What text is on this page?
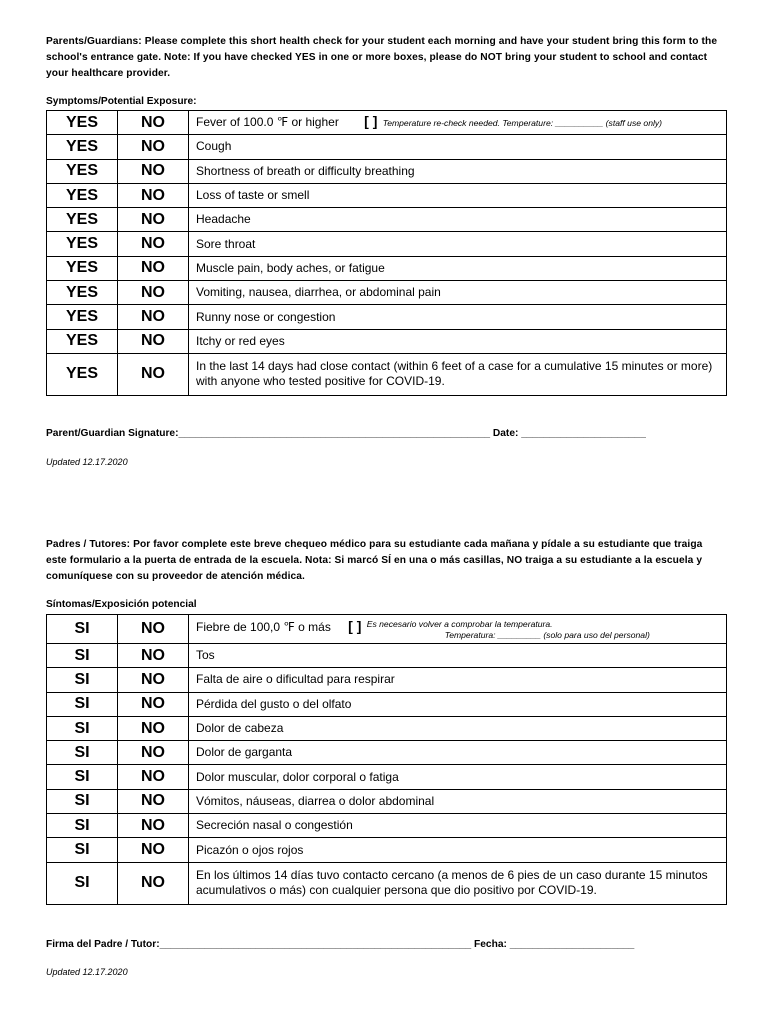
Parents/Guardians: Please complete this short health check for your student each morning and have your student bring this form to the school's entrance gate. Note: If you have checked YES in one or more boxes, please do NOT bring your student to school and contact your healthcare provider.
Symptoms/Potential Exposure:
YES	NO	Fever of 100.0 ℉ or higher [ ] Temperature re-check needed. Temperature: __________ (staff use only)
YES	NO	Cough
YES	NO	Shortness of breath or difficulty breathing
YES	NO	Loss of taste or smell
YES	NO	Headache
YES	NO	Sore throat
YES	NO	Muscle pain, body aches, or fatigue
YES	NO	Vomiting, nausea, diarrhea, or abdominal pain
YES	NO	Runny nose or congestion
YES	NO	Itchy or red eyes
YES	NO	In the last 14 days had close contact (within 6 feet of a case for a cumulative 15 minutes or more) with anyone who tested positive for COVID-19.
Parent/Guardian Signature:_______________________________________________________ Date: ______________________
Updated 12.17.2020
Padres / Tutores: Por favor complete este breve chequeo médico para su estudiante cada mañana y pídale a su estudiante que traiga este formulario a la puerta de entrada de la escuela. Nota: Si marcó SÍ en una o más casillas, NO traiga a su estudiante a la escuela y comuníquese con su proveedor de atención médica.
Síntomas/Exposición potencial
SI	NO	Fiebre de 100,0 ℉ o más [ ] Es necesario volver a comprobar la temperatura.
Temperatura: _________ (solo para uso del personal)

SI	NO	Tos
SI	NO	Falta de aire o dificultad para respirar
SI	NO	Pérdida del gusto o del olfato
SI	NO	Dolor de cabeza
SI	NO	Dolor de garganta
SI	NO	Dolor muscular, dolor corporal o fatiga
SI	NO	Vómitos, náuseas, diarrea o dolor abdominal
SI	NO	Secreción nasal o congestión
SI	NO	Picazón o ojos rojos
SI	NO	En los últimos 14 días tuvo contacto cercano (a menos de 6 pies de un caso durante 15 minutos acumulativos o más) con cualquier persona que dio positivo por COVID-19.
Firma del Padre / Tutor:_______________________________________________________ Fecha: ______________________
Updated 12.17.2020
